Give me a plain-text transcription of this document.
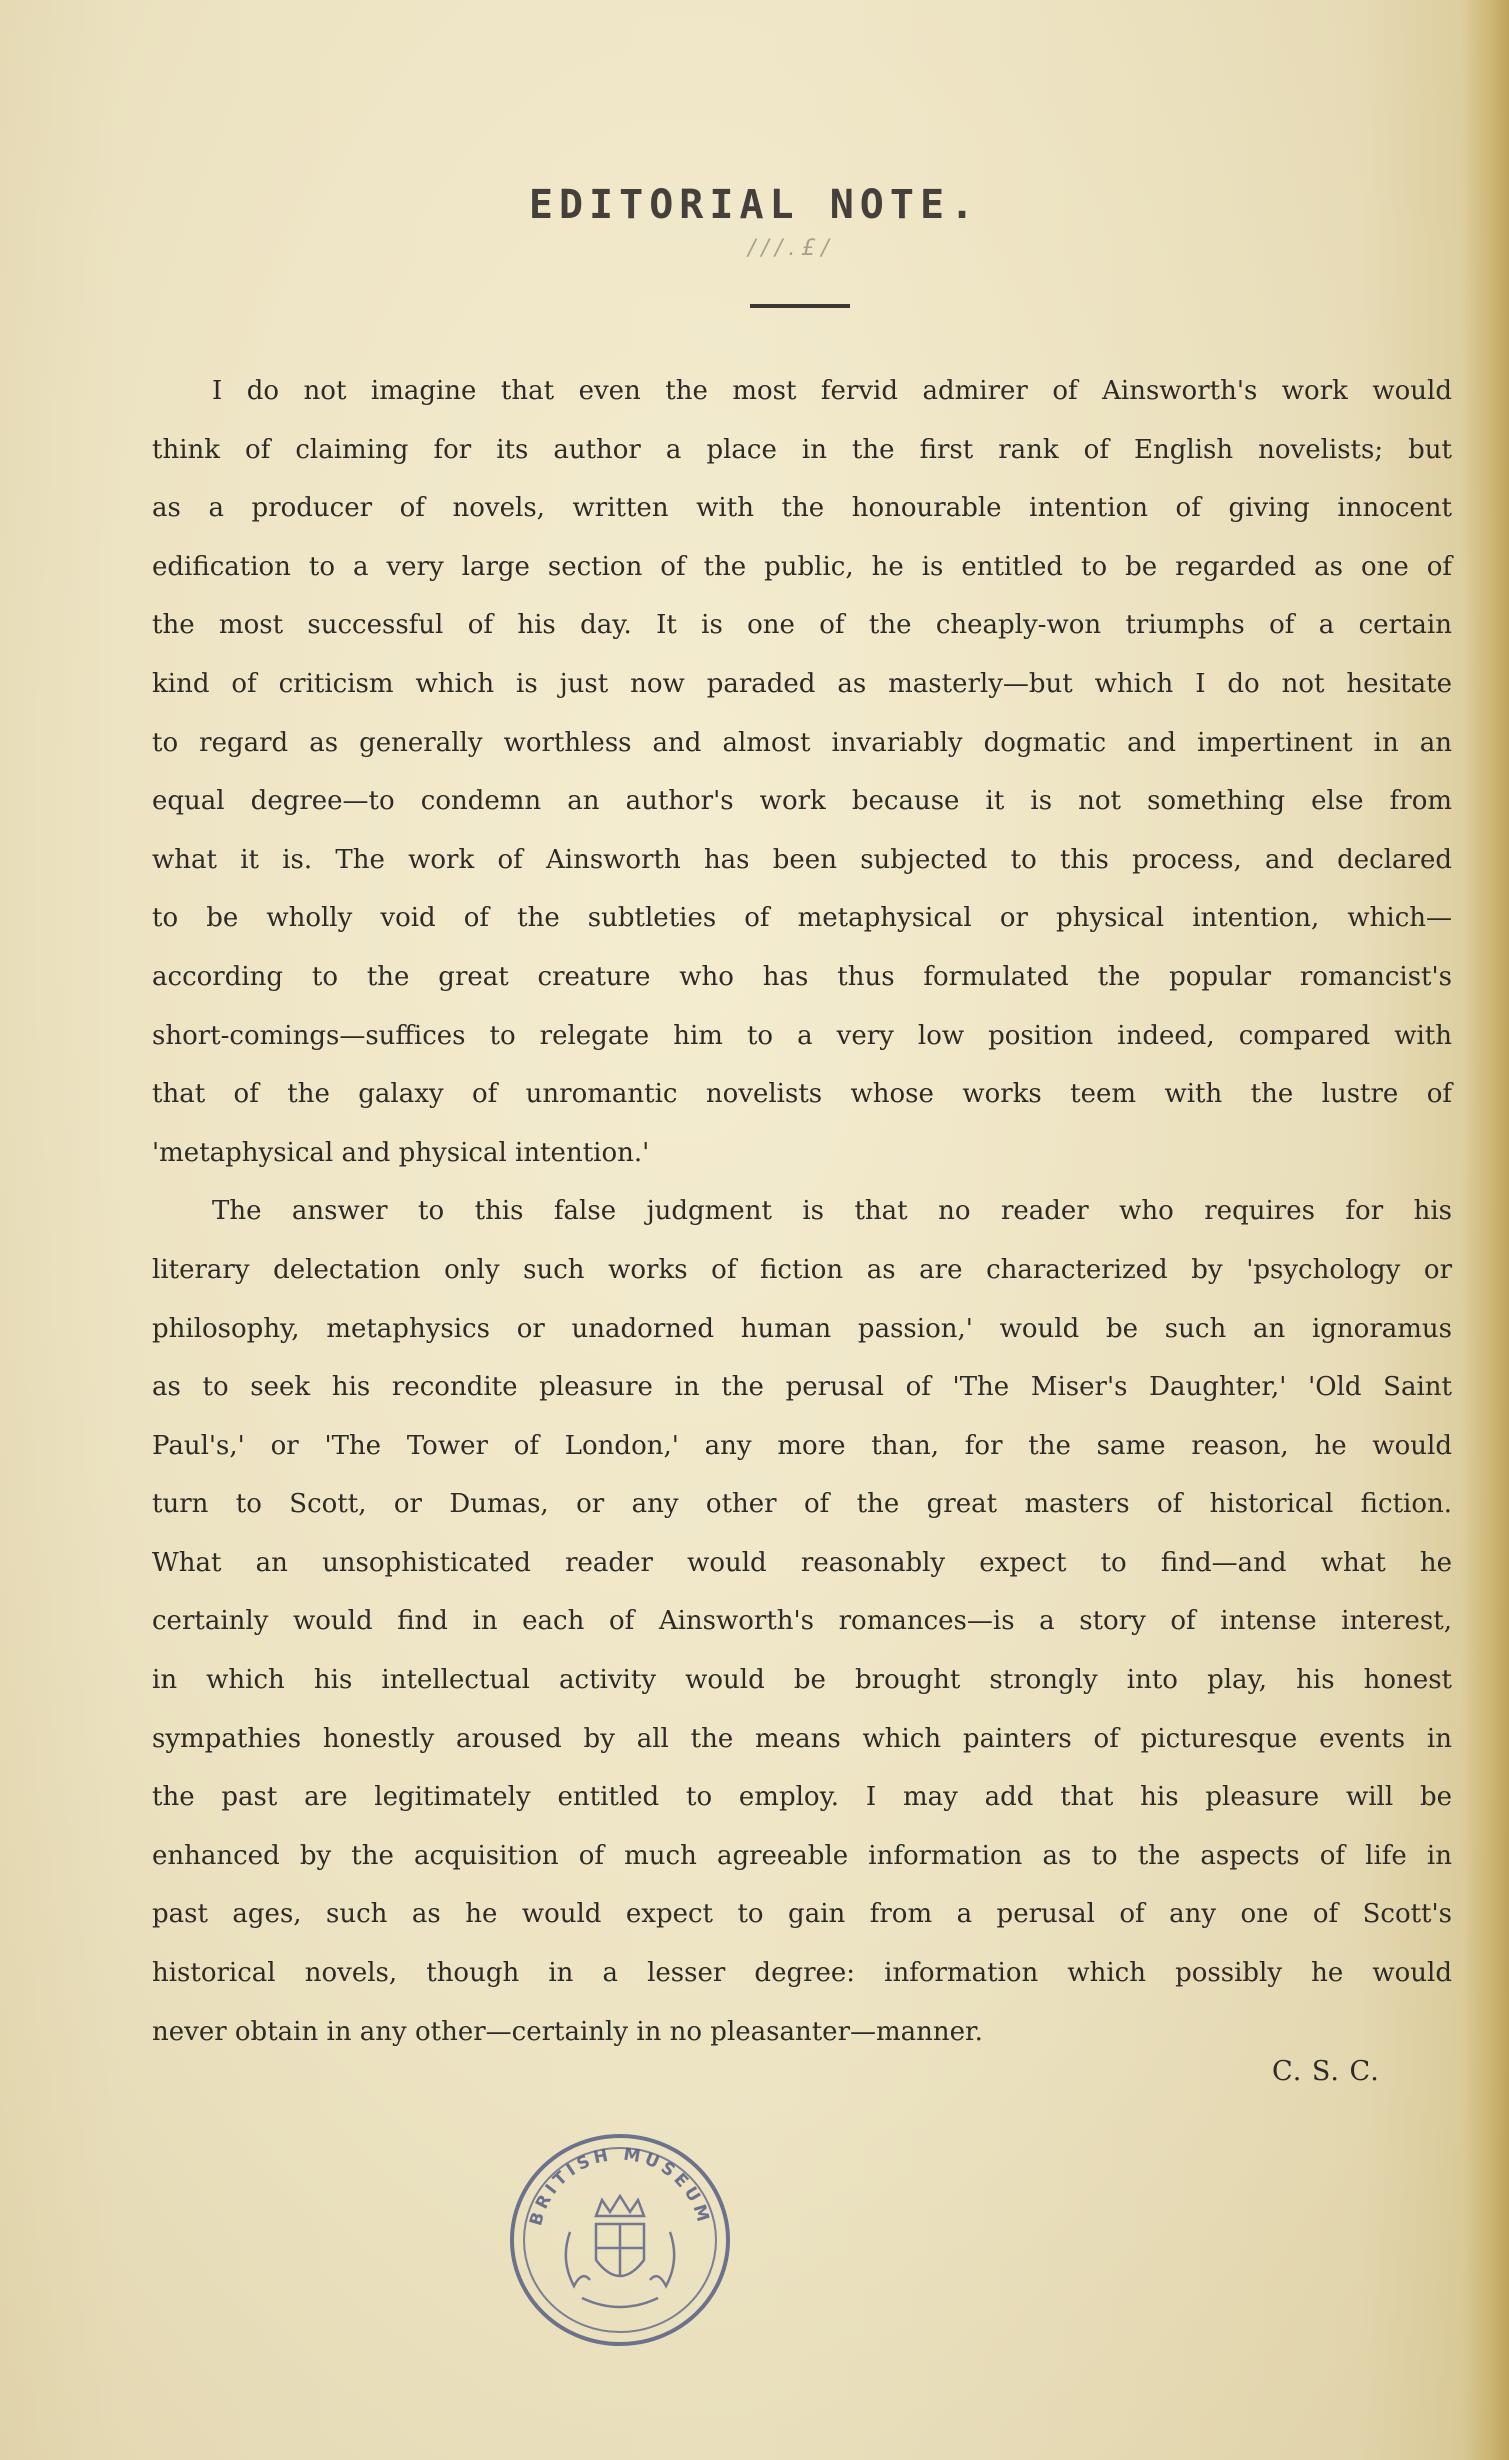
EDITORIAL NOTE.
///.£/
I do not imagine that even the most fervid admirer of Ainsworth's work would
think of claiming for its author a place in the first rank of English novelists; but
as a producer of novels, written with the honourable intention of giving innocent
edification to a very large section of the public, he is entitled to be regarded as one of
the most successful of his day. It is one of the cheaply-won triumphs of a certain
kind of criticism which is just now paraded as masterly—but which I do not hesitate
to regard as generally worthless and almost invariably dogmatic and impertinent in an
equal degree—to condemn an author's work because it is not something else from
what it is. The work of Ainsworth has been subjected to this process, and declared
to be wholly void of the subtleties of metaphysical or physical intention, which—
according to the great creature who has thus formulated the popular romancist's
short-comings—suffices to relegate him to a very low position indeed, compared with
that of the galaxy of unromantic novelists whose works teem with the lustre of
'metaphysical and physical intention.'
The answer to this false judgment is that no reader who requires for his
literary delectation only such works of fiction as are characterized by 'psychology or
philosophy, metaphysics or unadorned human passion,' would be such an ignoramus
as to seek his recondite pleasure in the perusal of 'The Miser's Daughter,' 'Old Saint
Paul's,' or 'The Tower of London,' any more than, for the same reason, he would
turn to Scott, or Dumas, or any other of the great masters of historical fiction.
What an unsophisticated reader would reasonably expect to find—and what he
certainly would find in each of Ainsworth's romances—is a story of intense interest,
in which his intellectual activity would be brought strongly into play, his honest
sympathies honestly aroused by all the means which painters of picturesque events in
the past are legitimately entitled to employ. I may add that his pleasure will be
enhanced by the acquisition of much agreeable information as to the aspects of life in
past ages, such as he would expect to gain from a perusal of any one of Scott's
historical novels, though in a lesser degree: information which possibly he would
never obtain in any other—certainly in no pleasanter—manner.
C. S. C.
BRITISH MUSEUM
